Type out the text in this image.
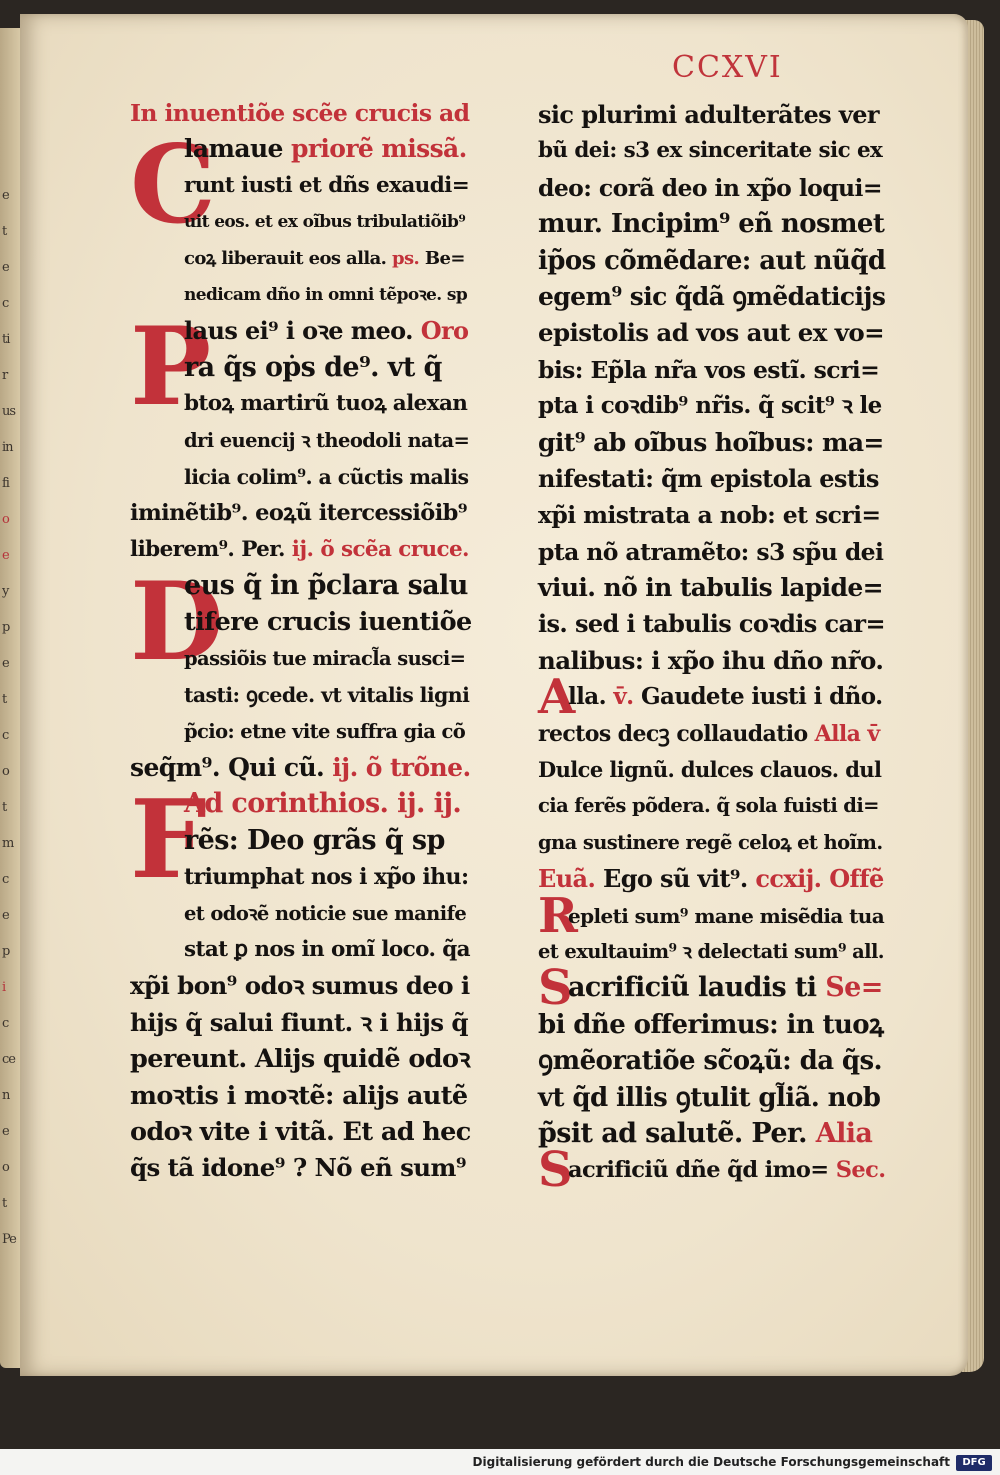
e
t
e
c
ti
r
us
in
fi
o
e
y
p
e
t
c
o
t
m
c
e
p
i
c
ce
n
e
o
t
Pe
CCXVI
In inuentiõe scẽe crucis ad
C
lamaue priorẽ missã.
runt iusti et dñs exaudi=
uit eos. et ex oĩbus tribulatiõib⁹
coꝝ liberauit eos alla. ps. Be=
nedicam dño in omni tẽpoꝛe. sp
P
laus ei⁹ i oꝛe meo. Oro
ra q̃s oṗs de⁹. vt q̃
btoꝝ martirũ tuoꝝ alexan
dri euencij ꝛ theodoli nata=
licia colim⁹. a cũctis malis
iminẽtib⁹. eoꝝũ itercessiõib⁹
liberem⁹. Per. ij. õ scẽa cruce.
D
eus q̃ in p̃clara salu
tifere crucis iuentiõe
passiõis tue miracl̃a susci=
tasti: ꝯcede. vt vitalis ligni
p̃cio: etne vite suffra gia cõ
seq̃m⁹. Qui cũ. ij. õ trõne.
F
Ad corinthios. ij. ij.
rẽs: Deo grãs q̃ sp
triumphat nos i xp̃o ihu:
et odoꝛẽ noticie sue manife
stat ꝑ nos in omĩ loco. q̃a
xp̃i bon⁹ odoꝛ sumus deo i
hijs q̃ salui fiunt. ꝛ i hijs q̃
pereunt. Alijs quidẽ odoꝛ
moꝛtis i moꝛtẽ: alijs autẽ
odoꝛ vite i vitã. Et ad hec
q̃s tã idone⁹ ? Nõ eñ sum⁹
sic plurimi adulterãtes ver
bũ dei: s3 ex sinceritate sic ex
deo: corã deo in xp̃o loqui=
mur. Incipim⁹ eñ nosmet
ip̃os cõmẽdare: aut nũq̃d
egem⁹ sic q̃dã ꝯmẽdaticijs
epistolis ad vos aut ex vo=
bis: Ep̃la nr̃a vos estĩ. scri=
pta i coꝛdib⁹ nr̃is. q̃ scit⁹ ꝛ le
git⁹ ab oĩbus hoĩbus: ma=
nifestati: q̃m epistola estis
xp̃i mistrata a nob: et scri=
pta nõ atramẽto: s3 sp̃u dei
viui. nõ in tabulis lapide=
is. sed i tabulis coꝛdis car=
nalibus: i xp̃o ihu dño nr̃o.
A
lla. v̄. Gaudete iusti i dño.
rectos decꝫ collaudatio Alla v̄
Dulce lignũ. dulces clauos. dul
cia ferẽs põdera. q̃ sola fuisti di=
gna sustinere regẽ celoꝝ et hoĩm.
Euã. Ego sũ vit⁹. ccxij. Offẽ
R
epleti sum⁹ mane misẽdia tua
et exultauim⁹ ꝛ delectati sum⁹ all.
S
acrificiũ laudis ti Se=
bi dñe offerimus: in tuoꝝ
ꝯmẽoratiõe sc̃oꝝũ: da q̃s.
vt q̃d illis ꝯtulit gl̃iã. nob
p̃sit ad salutẽ. Per. Alia
S
acrificiũ dñe q̃d imo= Sec.
Digitalisierung gefördert durch die Deutsche Forschungsgemeinschaft	DFG
